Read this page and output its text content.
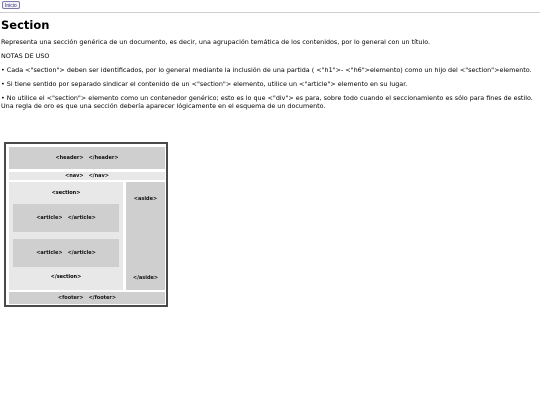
Inicio
Section

Representa una sección genérica de un documento, es decir, una agrupación temática de los contenidos, por lo general con un título.

NOTAS DE USO

• Cada <"section"> deben ser identificados, por lo general mediante la inclusión de una partida ( <"h1">- <"h6">elemento) como un hijo del <"section">elemento.

• Si tiene sentido por separado sindicar el contenido de un <"section"> elemento, utilice un <"article"> elemento en su lugar.

• No utilice el <"section"> elemento como un contenedor genérico; esto es lo que <"div"> es para, sobre todo cuando el seccionamiento es sólo para fines de estilo. Una regla de oro es que una sección debería aparecer lógicamente en el esquema de un documento.

<header> </header>
<nav> </nav>
<section>
<article> </article>
<article> </article>
</section>
<aside>
</aside>
<footer> </footer>
